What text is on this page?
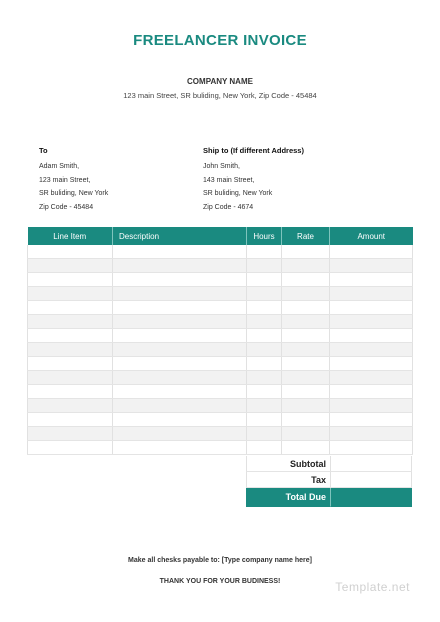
FREELANCER INVOICE
COMPANY NAME
123 main Street, SR buliding, New York, Zip Code - 45484
To
Adam Smith,
123 main Street,
SR buliding, New York
Zip Code - 45484
Ship to (If different Address)
John Smith,
143 main Street,
SR buliding, New York
Zip Code - 4674
Line Item	Description	Hours	Rate	Amount

Subtotal
Tax
Total Due
Make all chesks payable to: [Type company name here]
THANK YOU FOR YOUR BUDINESS!	Template.net
